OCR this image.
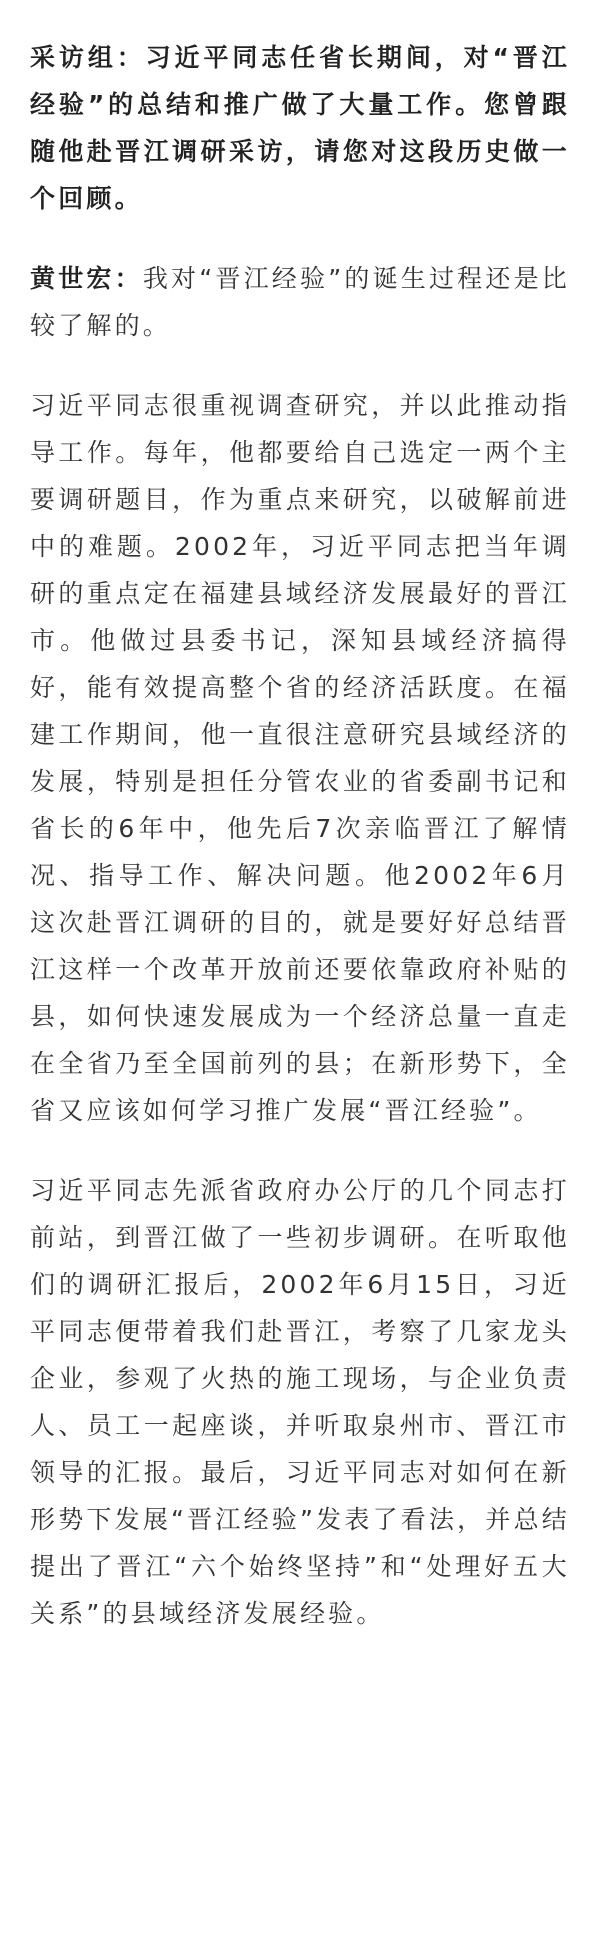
采访组：习近平同志任省长期间，对“晋江经验”的总结和推广做了大量工作。您曾跟随他赴晋江调研采访，请您对这段历史做一个回顾。

黄世宏：我对“晋江经验”的诞生过程还是比较了解的。

习近平同志很重视调查研究，并以此推动指导工作。每年，他都要给自己选定一两个主要调研题目，作为重点来研究，以破解前进中的难题。2002年，习近平同志把当年调研的重点定在福建县域经济发展最好的晋江市。他做过县委书记，深知县域经济搞得好，能有效提高整个省的经济活跃度。在福建工作期间，他一直很注意研究县域经济的发展，特别是担任分管农业的省委副书记和省长的6年中，他先后7次亲临晋江了解情况、指导工作、解决问题。他2002年6月这次赴晋江调研的目的，就是要好好总结晋江这样一个改革开放前还要依靠政府补贴的县，如何快速发展成为一个经济总量一直走在全省乃至全国前列的县；在新形势下，全省又应该如何学习推广发展“晋江经验”。

习近平同志先派省政府办公厅的几个同志打前站，到晋江做了一些初步调研。在听取他们的调研汇报后，2002年6月15日，习近平同志便带着我们赴晋江，考察了几家龙头企业，参观了火热的施工现场，与企业负责人、员工一起座谈，并听取泉州市、晋江市领导的汇报。最后，习近平同志对如何在新形势下发展“晋江经验”发表了看法，并总结提出了晋江“六个始终坚持”和“处理好五大关系”的县域经济发展经验。
